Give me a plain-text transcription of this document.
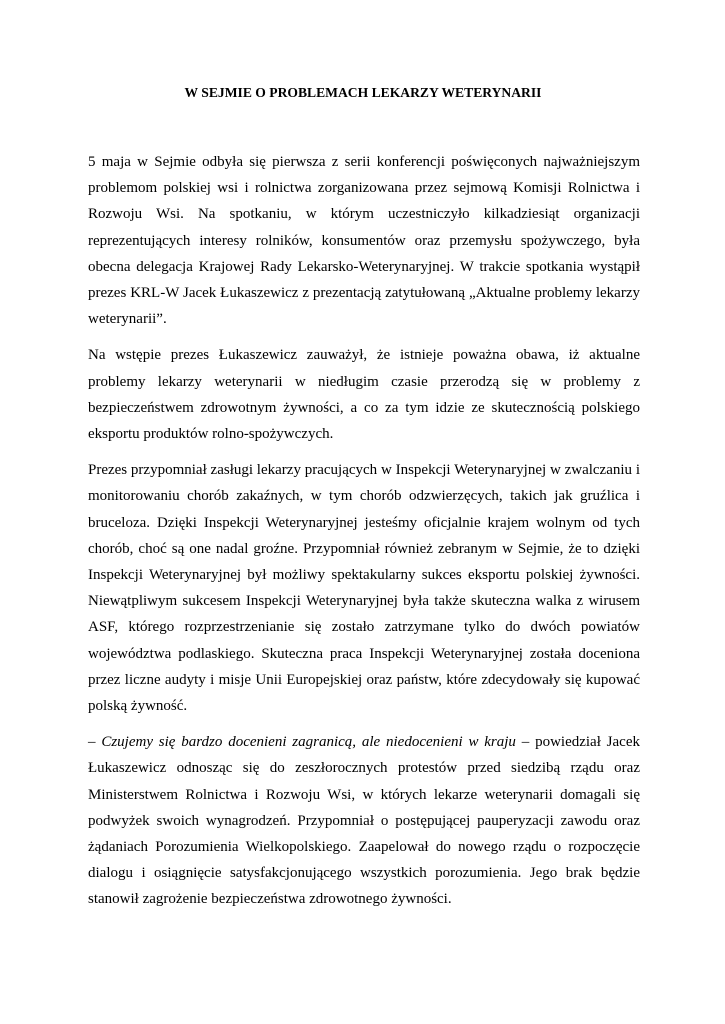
W SEJMIE O PROBLEMACH LEKARZY WETERYNARII

5 maja w Sejmie odbyła się pierwsza z serii konferencji poświęconych najważniejszym problemom polskiej wsi i rolnictwa zorganizowana przez sejmową Komisji Rolnictwa i Rozwoju Wsi. Na spotkaniu, w którym uczestniczyło kilkadziesiąt organizacji reprezentujących interesy rolników, konsumentów oraz przemysłu spożywczego, była obecna delegacja Krajowej Rady Lekarsko-Weterynaryjnej. W trakcie spotkania wystąpił prezes KRL-W Jacek Łukaszewicz z prezentacją zatytułowaną „Aktualne problemy lekarzy weterynarii”.

Na wstępie prezes Łukaszewicz zauważył, że istnieje poważna obawa, iż aktualne problemy lekarzy weterynarii w niedługim czasie przerodzą się w problemy z bezpieczeństwem zdrowotnym żywności, a co za tym idzie ze skutecznością polskiego eksportu produktów rolno-spożywczych.

Prezes przypomniał zasługi lekarzy pracujących w Inspekcji Weterynaryjnej w zwalczaniu i monitorowaniu chorób zakaźnych, w tym chorób odzwierzęcych, takich jak gruźlica i bruceloza. Dzięki Inspekcji Weterynaryjnej jesteśmy oficjalnie krajem wolnym od tych chorób, choć są one nadal groźne. Przypomniał również zebranym w Sejmie, że to dzięki Inspekcji Weterynaryjnej był możliwy spektakularny sukces eksportu polskiej żywności. Niewątpliwym sukcesem Inspekcji Weterynaryjnej była także skuteczna walka z wirusem ASF, którego rozprzestrzenianie się zostało zatrzymane tylko do dwóch powiatów województwa podlaskiego. Skuteczna praca Inspekcji Weterynaryjnej została doceniona przez liczne audyty i misje Unii Europejskiej oraz państw, które zdecydowały się kupować polską żywność.

– Czujemy się bardzo docenieni zagranicą, ale niedocenieni w kraju – powiedział Jacek Łukaszewicz odnosząc się do zeszłorocznych protestów przed siedzibą rządu oraz Ministerstwem Rolnictwa i Rozwoju Wsi, w których lekarze weterynarii domagali się podwyżek swoich wynagrodzeń. Przypomniał o postępującej pauperyzacji zawodu oraz żądaniach Porozumienia Wielkopolskiego. Zaapelował do nowego rządu o rozpoczęcie dialogu i osiągnięcie satysfakcjonującego wszystkich porozumienia. Jego brak będzie stanowił zagrożenie bezpieczeństwa zdrowotnego żywności.
